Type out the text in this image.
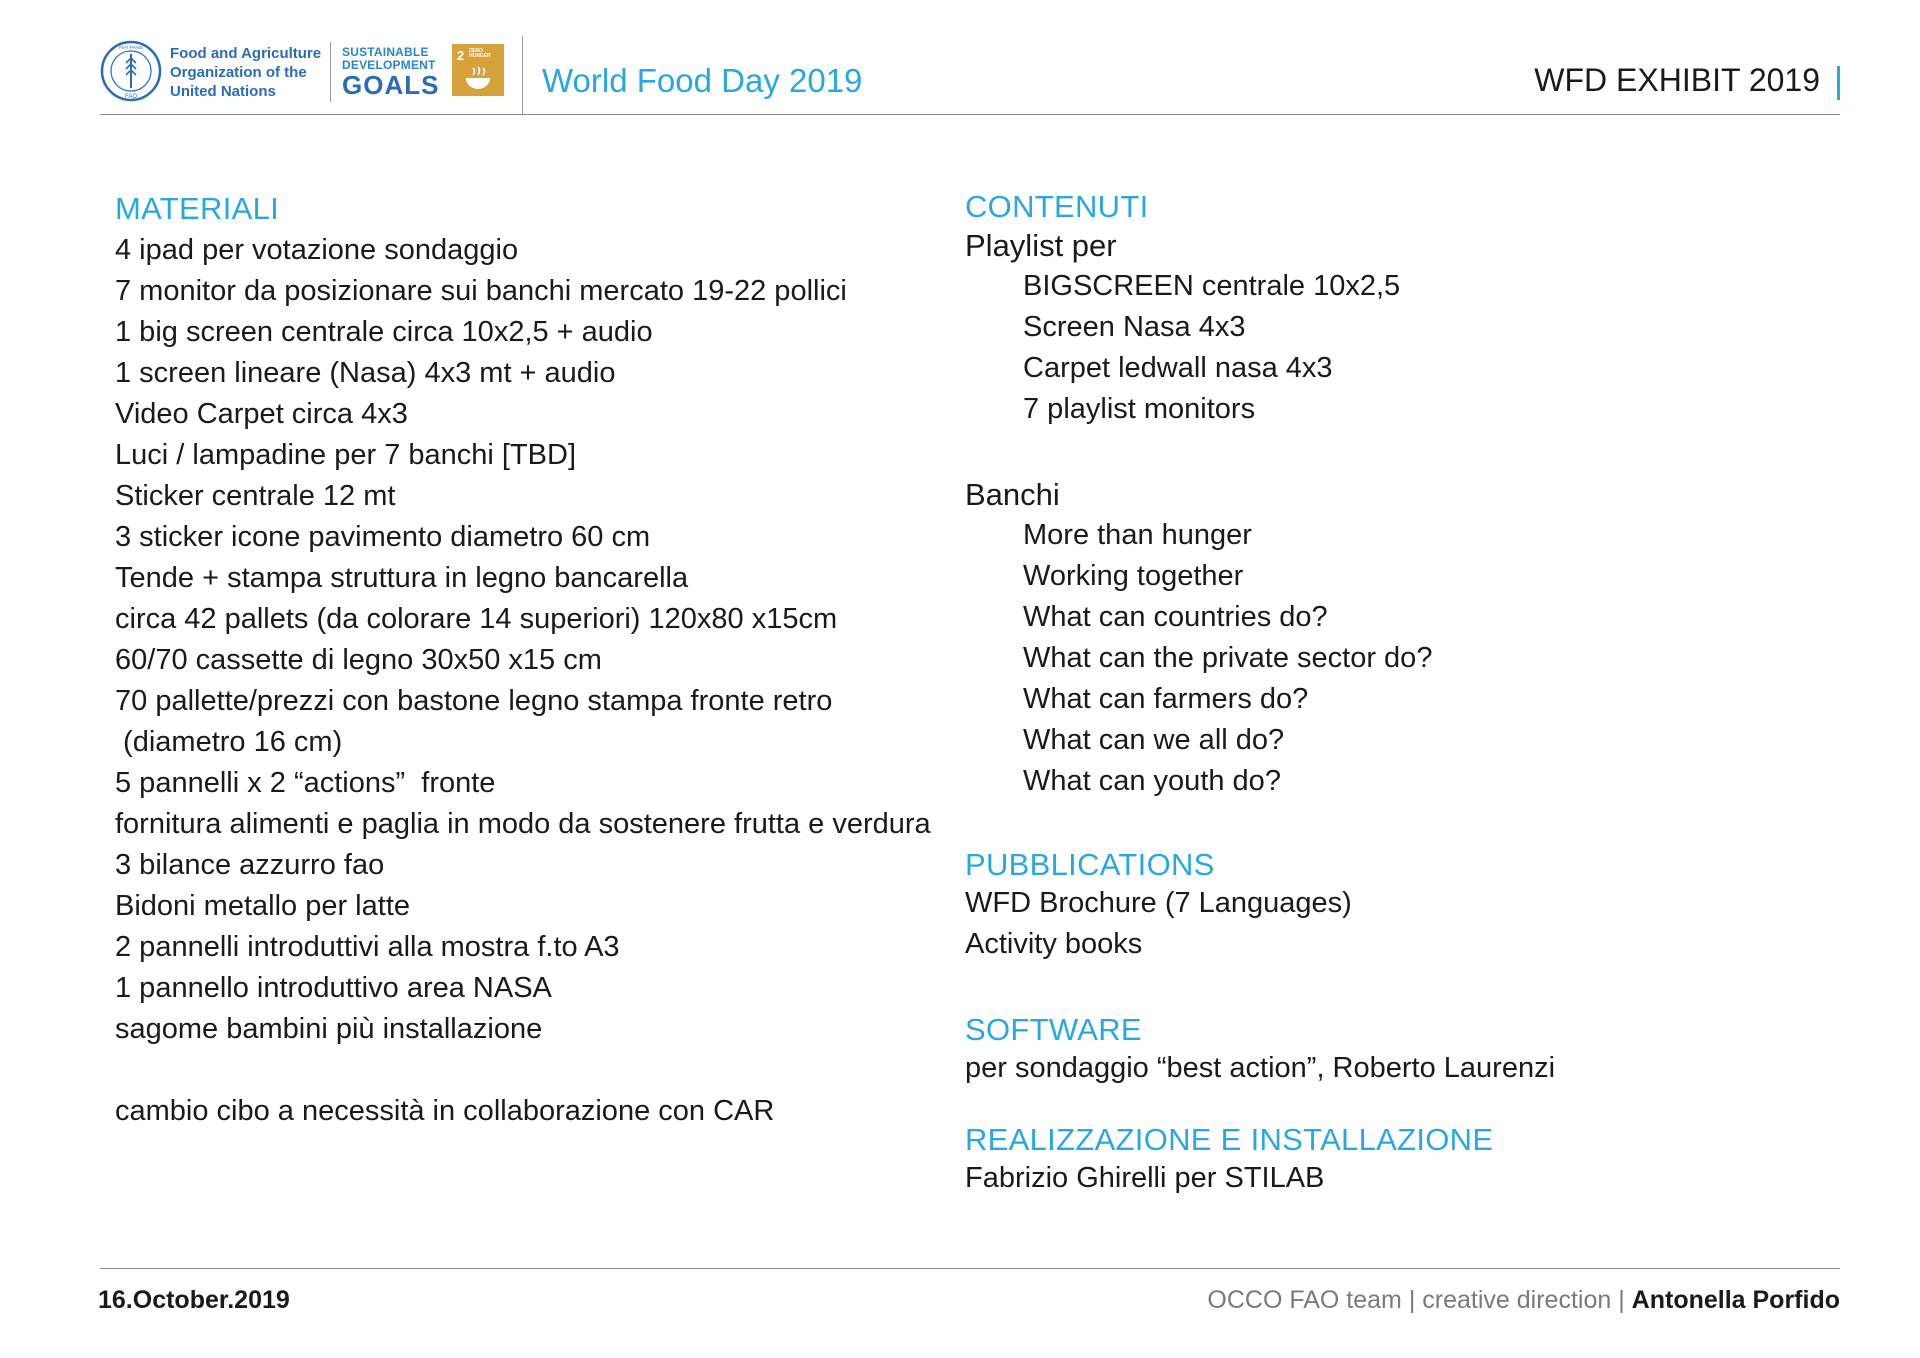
FAO
FIAT PANIS Food and Agriculture
Organization of the
United Nations
SUSTAINABLE
DEVELOPMENT
GOALS
2 ZERO HUNGER
World Food Day 2019	WFD EXHIBIT 2019
MATERIALI
4 ipad per votazione sondaggio
7 monitor da posizionare sui banchi mercato 19-22 pollici
1 big screen centrale circa 10x2,5 + audio
1 screen lineare (Nasa) 4x3 mt + audio
Video Carpet circa 4x3
Luci / lampadine per 7 banchi [TBD]
Sticker centrale 12 mt
3 sticker icone pavimento diametro 60 cm
Tende + stampa struttura in legno bancarella
circa 42 pallets (da colorare 14 superiori) 120x80 x15cm
60/70 cassette di legno 30x50 x15 cm
70 pallette/prezzi con bastone legno stampa fronte retro
(diametro 16 cm)
5 pannelli x 2 “actions”  fronte
fornitura alimenti e paglia in modo da sostenere frutta e verdura
3 bilance azzurro fao
Bidoni metallo per latte
2 pannelli introduttivi alla mostra f.to A3
1 pannello introduttivo area NASA
sagome bambini più installazione
cambio cibo a necessità in collaborazione con CAR
CONTENUTI
Playlist per
BIGSCREEN centrale 10x2,5
Screen Nasa 4x3
Carpet ledwall nasa 4x3
7 playlist monitors
Banchi
More than hunger
Working together
What can countries do?
What can the private sector do?
What can farmers do?
What can we all do?
What can youth do?
PUBBLICATIONS
WFD Brochure (7 Languages)
Activity books
SOFTWARE
per sondaggio “best action”, Roberto Laurenzi
REALIZZAZIONE E INSTALLAZIONE
Fabrizio Ghirelli per STILAB
16.October.2019	OCCO FAO team | creative direction | Antonella Porfido
